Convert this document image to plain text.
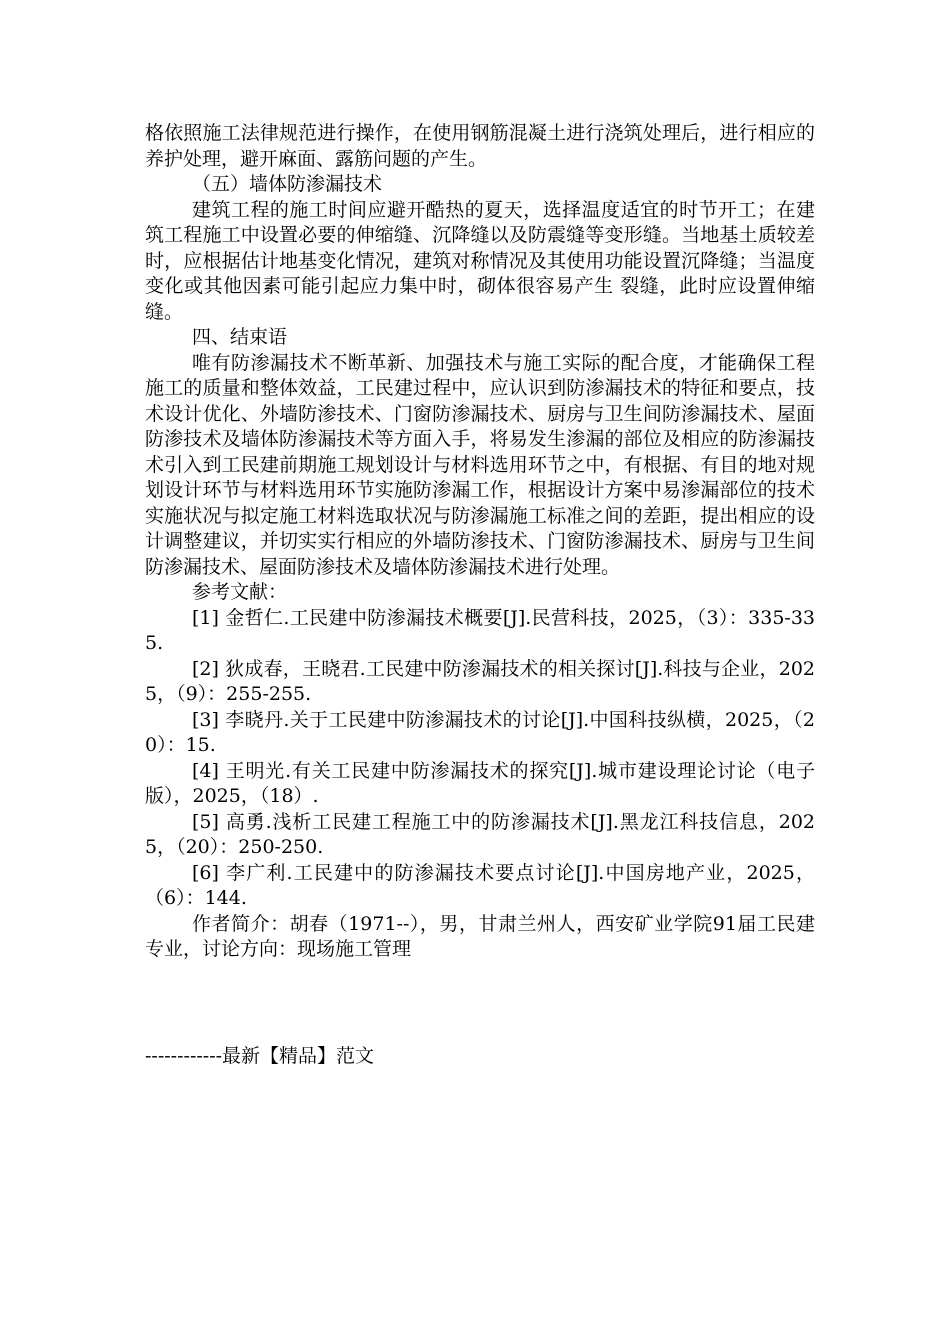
格依照施工法律规范进行操作，在使用钢筋混凝土进行浇筑处理后，进行相应的养护处理，避开麻面、露筋问题的产生。

（五）墙体防渗漏技术

建筑工程的施工时间应避开酷热的夏天，选择温度适宜的时节开工；在建筑工程施工中设置必要的伸缩缝、沉降缝以及防震缝等变形缝。当地基土质较差时，应根据估计地基变化情况，建筑对称情况及其使用功能设置沉降缝；当温度变化或其他因素可能引起应力集中时，砌体很容易产生 裂缝，此时应设置伸缩缝。

四、结束语

唯有防渗漏技术不断革新、加强技术与施工实际的配合度，才能确保工程施工的质量和整体效益，工民建过程中，应认识到防渗漏技术的特征和要点，技术设计优化、外墙防渗技术、门窗防渗漏技术、厨房与卫生间防渗漏技术、屋面防渗技术及墙体防渗漏技术等方面入手，将易发生渗漏的部位及相应的防渗漏技术引入到工民建前期施工规划设计与材料选用环节之中，有根据、有目的地对规划设计环节与材料选用环节实施防渗漏工作，根据设计方案中易渗漏部位的技术实施状况与拟定施工材料选取状况与防渗漏施工标准之间的差距，提出相应的设计调整建议，并切实实行相应的外墙防渗技术、门窗防渗漏技术、厨房与卫生间防渗漏技术、屋面防渗技术及墙体防渗漏技术进行处理。

参考文献：

[1] 金哲仁.工民建中防渗漏技术概要[J].民营科技，2025，（3）：335-335.

[2] 狄成春，王晓君.工民建中防渗漏技术的相关探讨[J].科技与企业，2025，（9）：255-255.

[3] 李晓丹.关于工民建中防渗漏技术的讨论[J].中国科技纵横，2025，（20）：15.

[4] 王明光.有关工民建中防渗漏技术的探究[J].城市建设理论讨论（电子版），2025，（18）.

[5] 高勇.浅析工民建工程施工中的防渗漏技术[J].黑龙江科技信息，2025，（20）：250-250.

[6] 李广利.工民建中的防渗漏技术要点讨论[J].中国房地产业，2025，（6）：144.

作者简介：胡春（1971--），男，甘肃兰州人，西安矿业学院91届工民建专业，讨论方向：现场施工管理

------------最新【精品】范文
